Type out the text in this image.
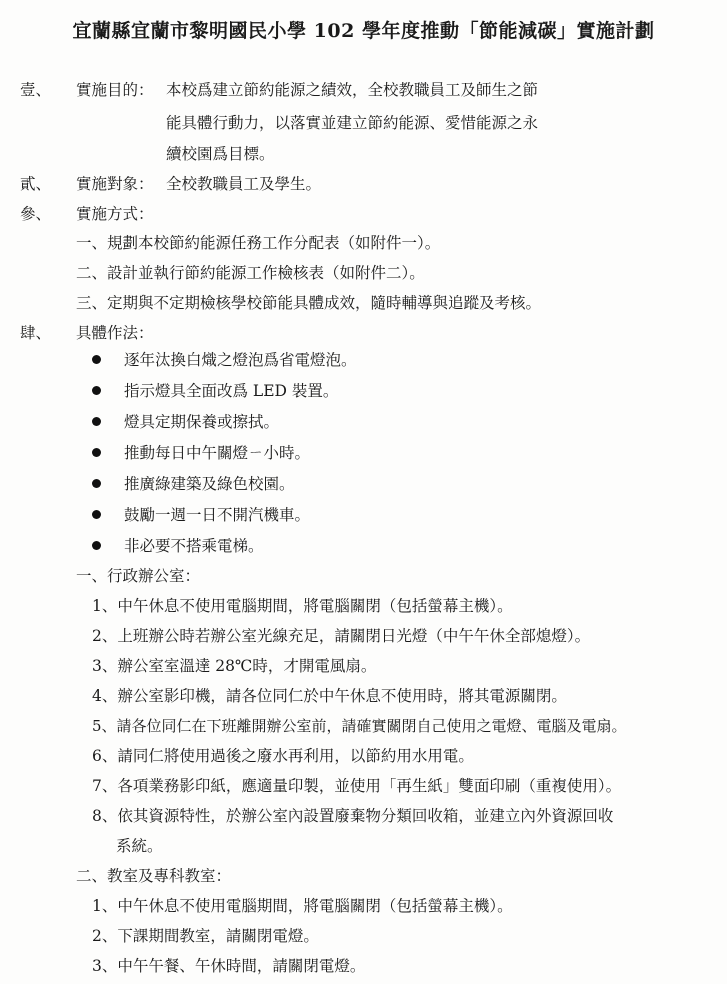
宜蘭縣宜蘭市黎明國民小學 102 學年度推動「節能減碳」實施計劃
壹、 實施目的： 本校爲建立節約能源之績效，全校教職員工及師生之節
能具體行動力，以落實並建立節約能源、愛惜能源之永
續校園爲目標。
貳、 實施對象： 全校教職員工及學生。
參、 實施方式：
一、規劃本校節約能源任務工作分配表（如附件一）。
二、設計並執行節約能源工作檢核表（如附件二）。
三、定期與不定期檢核學校節能具體成效，隨時輔導與追蹤及考核。
肆、 具體作法：
逐年汰換白熾之燈泡爲省電燈泡。
指示燈具全面改爲 LED 裝置。
燈具定期保養或擦拭。
推動每日中午關燈ㄧ小時。
推廣綠建築及綠色校園。
鼓勵一週一日不開汽機車。
非必要不搭乘電梯。
一、行政辦公室：
1、中午休息不使用電腦期間，將電腦關閉（包括螢幕主機）。
2、上班辦公時若辦公室光線充足，請關閉日光燈（中午午休全部熄燈）。
3、辦公室室溫達 28℃時，才開電風扇。
4、辦公室影印機，請各位同仁於中午休息不使用時，將其電源關閉。
5、請各位同仁在下班離開辦公室前，請確實關閉自己使用之電燈、電腦及電扇。
6、請同仁將使用過後之廢水再利用，以節約用水用電。
7、各項業務影印紙，應適量印製，並使用「再生紙」雙面印刷（重複使用）。
8、依其資源特性，於辦公室內設置廢棄物分類回收箱，並建立內外資源回收
系統。
二、教室及專科教室：
1、中午休息不使用電腦期間，將電腦關閉（包括螢幕主機）。
2、下課期間教室，請關閉電燈。
3、中午午餐、午休時間，請關閉電燈。
